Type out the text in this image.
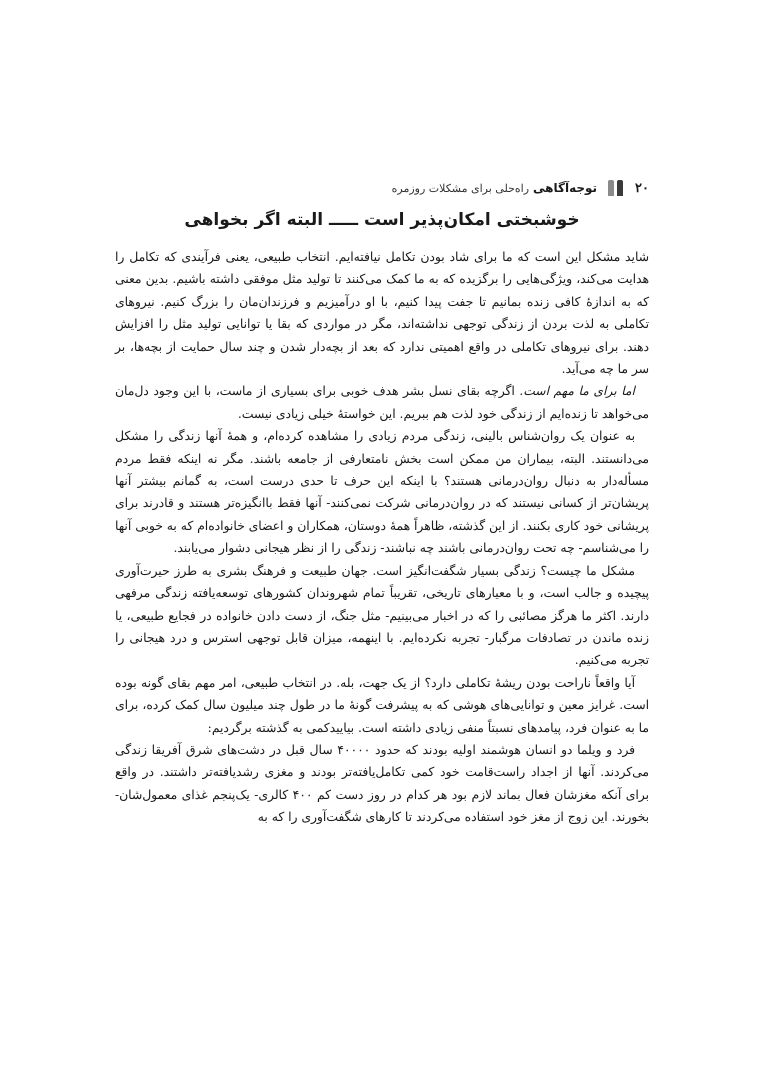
۲۰
توجه‌آگاهی
راه‌حلی برای مشکلات روزمره
خوشبختی امکان‌پذیر است ـــــ البته اگر بخواهی

شاید مشکل این است که ما برای شاد بودن تکامل نیافته‌ایم. انتخاب طبیعی، یعنی فرآیندی که تکامل را هدایت می‌کند، ویژگی‌هایی را برگزیده که به ما کمک می‌کنند تا تولید مثل موفقی داشته باشیم. بدین معنی که به اندازهٔ کافی زنده بمانیم تا جفت پیدا کنیم، با او درآمیزیم و فرزندان‌مان را بزرگ کنیم. نیروهای تکاملی به لذت بردن از زندگی توجهی نداشته‌اند، مگر در مواردی که بقا یا توانایی تولید مثل را افزایش دهند. برای نیروهای تکاملی در واقع اهمیتی ندارد که بعد از بچه‌دار شدن و چند سال حمایت از بچه‌ها، بر سر ما چه می‌آید.

اما برای ما مهم است. اگرچه بقای نسل بشر هدف خوبی برای بسیاری از ماست، با این وجود دل‌مان می‌خواهد تا زنده‌ایم از زندگی خود لذت هم ببریم. این خواستهٔ خیلی زیادی نیست.

به عنوان یک روان‌شناس بالینی، زندگی مردم زیادی را مشاهده کرده‌ام، و همهٔ آنها زندگی را مشکل می‌دانستند. البته، بیماران من ممکن است بخش نامتعارفی از جامعه باشند. مگر نه اینکه فقط مردم مسأله‌دار به دنبال روان‌درمانی هستند؟ با اینکه این حرف تا حدی درست است، به گمانم بیشتر آنها پریشان‌تر از کسانی نیستند که در روان‌درمانی شرکت نمی‌کنند- آنها فقط باانگیزه‌تر هستند و قادرند برای پریشانی خود کاری بکنند. از این گذشته، ظاهراً همهٔ دوستان، همکاران و اعضای خانواده‌ام که به خوبی آنها را می‌شناسم- چه تحت روان‌درمانی باشند چه نباشند- زندگی را از نظر هیجانی دشوار می‌یابند.

مشکل ما چیست؟ زندگی بسیار شگفت‌انگیز است. جهان طبیعت و فرهنگ بشری به طرز حیرت‌آوری پیچیده و جالب است، و با معیارهای تاریخی، تقریباً تمام شهروندان کشورهای توسعه‌یافته زندگی مرفهی دارند. اکثر ما هرگز مصائبی را که در اخبار می‌بینیم- مثل جنگ، از دست دادن خانواده در فجایع طبیعی، یا زنده ماندن در تصادفات مرگبار- تجربه نکرده‌ایم. با اینهمه، میزان قابل توجهی استرس و درد هیجانی را تجربه می‌کنیم.

آیا واقعاً ناراحت بودن ریشهٔ تکاملی دارد؟ از یک جهت، بله. در انتخاب طبیعی، امر مهم بقای گونه بوده است. غرایز معین و توانایی‌های هوشی که به پیشرفت گونهٔ ما در طول چند میلیون سال کمک کرده، برای ما به عنوان فرد، پیامدهای نسبتاً منفی زیادی داشته است. بیاییدکمی به گذشته برگردیم:

فرد و ویلما دو انسان هوشمند اولیه بودند که حدود ۴۰۰۰۰ سال قبل در دشت‌های شرق آفریقا زندگی می‌کردند. آنها از اجداد راست‌قامت خود کمی تکامل‌یافته‌تر بودند و مغزی رشدیافته‌تر داشتند. در واقع برای آنکه مغزشان فعال بماند لازم بود هر کدام در روز دست کم ۴۰۰ کالری- یک‌پنجم غذای معمول‌شان- بخورند. این زوج از مغز خود استفاده می‌کردند تا کارهای شگفت‌آوری را که به
